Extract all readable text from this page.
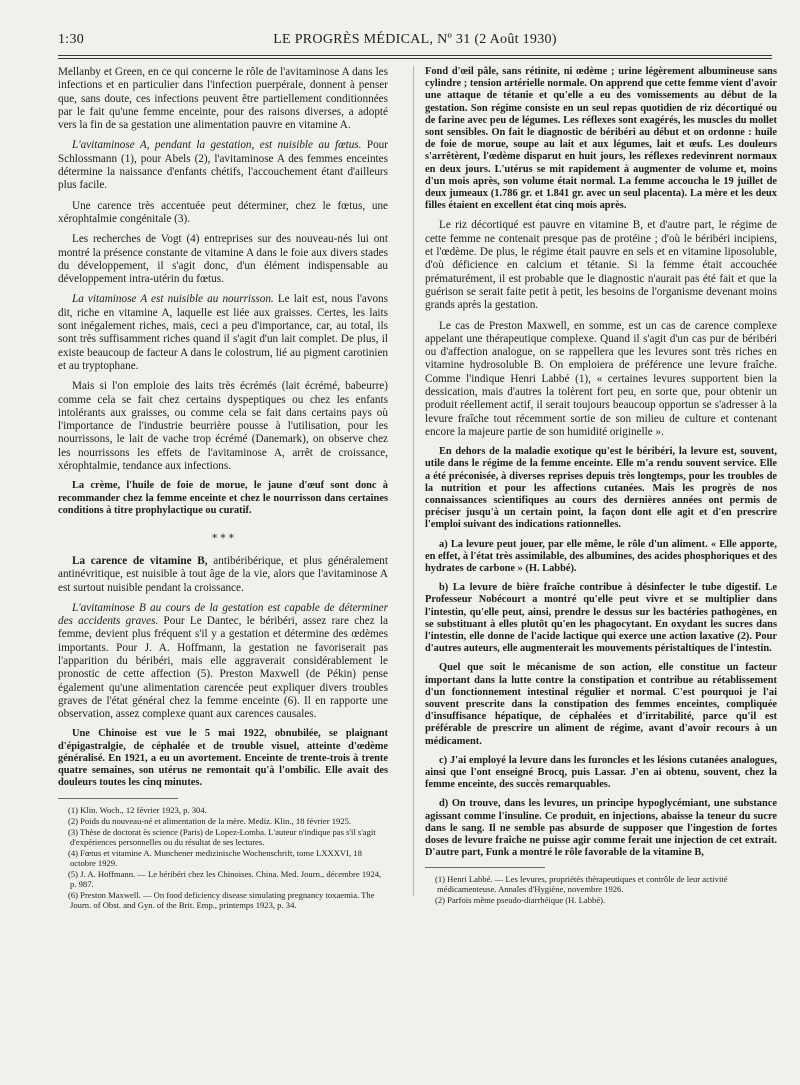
1:30	LE PROGRÈS MÉDICAL, Nº 31 (2 Août 1930)

Mellanby et Green, en ce qui concerne le rôle de l'avitaminose A dans les infections et en particulier dans l'infection puerpérale, donnent à penser que, sans doute, ces infections peuvent être partiellement conditionnées par le fait qu'une femme enceinte, pour des raisons diverses, a adopté vers la fin de sa gestation une alimentation pauvre en vitamine A.

L'avitaminose A, pendant la gestation, est nuisible au fœtus. Pour Schlossmann (1), pour Abels (2), l'avitaminose A des femmes enceintes détermine la naissance d'enfants chétifs, l'accouchement étant d'ailleurs plus facile.

Une carence très accentuée peut déterminer, chez le fœtus, une xérophtalmie congénitale (3).

Les recherches de Vogt (4) entreprises sur des nouveau-nés lui ont montré la présence constante de vitamine A dans le foie aux divers stades du développement, il s'agit donc, d'un élément indispensable au développement intra-utérin du fœtus.

La vitaminose A est nuisible au nourrisson. Le lait est, nous l'avons dit, riche en vitamine A, laquelle est liée aux graisses. Certes, les laits sont inégalement riches, mais, ceci a peu d'importance, car, au total, ils sont très suffisamment riches quand il s'agit d'un lait complet. De plus, il existe beaucoup de facteur A dans le colostrum, lié au pigment carotinien et au tryptophane.

Mais si l'on emploie des laits très écrémés (lait écrémé, babeurre) comme cela se fait chez certains dyspeptiques ou chez les enfants intolérants aux graisses, ou comme cela se fait dans certains pays où l'importance de l'industrie beurrière pousse à l'utilisation, pour les nourrissons, le lait de vache trop écrémé (Danemark), on observe chez les nourrissons les effets de l'avitaminose A, arrêt de croissance, xérophtalmie, tendance aux infections.

La crème, l'huile de foie de morue, le jaune d'œuf sont donc à recommander chez la femme enceinte et chez le nourrisson dans certaines conditions à titre prophylactique ou curatif.

⁎ ⁎ ⁎

La carence de vitamine B, antibéribérique, et plus généralement antinévritique, est nuisible à tout âge de la vie, alors que l'avitaminose A est surtout nuisible pendant la croissance.

L'avitaminose B au cours de la gestation est capable de déterminer des accidents graves. Pour Le Dantec, le béribéri, assez rare chez la femme, devient plus fréquent s'il y a gestation et détermine des œdèmes importants. Pour J. A. Hoffmann, la gestation ne favoriserait pas l'apparition du béribéri, mais elle aggraverait considérablement le pronostic de cette affection (5). Preston Maxwell (de Pékin) pense également qu'une alimentation carencée peut expliquer divers troubles graves de l'état général chez la femme enceinte (6). Il en rapporte une observation, assez complexe quant aux carences causales.

Une Chinoise est vue le 5 mai 1922, obnubilée, se plaignant d'épigastralgie, de céphalée et de trouble visuel, atteinte d'œdème généralisé. En 1921, a eu un avortement. Enceinte de trente-trois à trente quatre semaines, son utérus ne remontait qu'à l'ombilic. Elle avait des douleurs toutes les cinq minutes.

(1) Klin. Woch., 12 février 1923, p. 304.
(2) Poids du nouveau-né et alimentation de la mère. Mediz. Klin., 18 février 1925.
(3) Thèse de doctorat ès science (Paris) de Lopez-Lomba. L'auteur n'indique pas s'il s'agit d'expériences personnelles ou du résultat de ses lectures.
(4) Fœtus et vitamine A. Munchener medizinische Wochenschrift, tome LXXXVI, 18 octobre 1929.
(5) J. A. Hoffmann. — Le béribéri chez les Chinoises. China. Med. Journ., décembre 1924, p. 987.
(6) Preston Maxwell. — On food deficiency disease simulating pregnancy toxaemia. The Journ. of Obst. and Gyn. of the Brit. Emp., printemps 1923, p. 34.

Fond d'œil pâle, sans rétinite, ni œdème ; urine légèrement albumineuse sans cylindre ; tension artérielle normale. On apprend que cette femme vient d'avoir une attaque de tétanie et qu'elle a eu des vomissements au début de la gestation. Son régime consiste en un seul repas quotidien de riz décortiqué ou de farine avec peu de légumes. Les réflexes sont exagérés, les muscles du mollet sont sensibles. On fait le diagnostic de béribéri au début et on ordonne : huile de foie de morue, soupe au lait et aux légumes, lait et œufs. Les douleurs s'arrêtèrent, l'œdème disparut en huit jours, les réflexes redevinrent normaux en deux jours. L'utérus se mit rapidement à augmenter de volume et, moins d'un mois après, son volume était normal. La femme accoucha le 19 juillet de deux jumeaux (1.786 gr. et 1.841 gr. avec un seul placenta). La mère et les deux filles étaient en excellent état cinq mois après.

Le riz décortiqué est pauvre en vitamine B, et d'autre part, le régime de cette femme ne contenait presque pas de protéine ; d'où le béribéri incipiens, et l'œdème. De plus, le régime était pauvre en sels et en vitamine liposoluble, d'où déficience en calcium et tétanie. Si la femme était accouchée prématurément, il est probable que le diagnostic n'aurait pas été fait et que la guérison se serait faite petit à petit, les besoins de l'organisme devenant moins grands après la gestation.

Le cas de Preston Maxwell, en somme, est un cas de carence complexe appelant une thérapeutique complexe. Quand il s'agit d'un cas pur de béribéri ou d'affection analogue, on se rappellera que les levures sont très riches en vitamine hydrosoluble B. On emploiera de préférence une levure fraîche. Comme l'indique Henri Labbé (1), « certaines levures supportent bien la dessication, mais d'autres la tolèrent fort peu, en sorte que, pour obtenir un produit réellement actif, il serait toujours beaucoup opportun se s'adresser à la levure fraîche tout récemment sortie de son milieu de culture et contenant encore la majeure partie de son humidité originelle ».

En dehors de la maladie exotique qu'est le béribéri, la levure est, souvent, utile dans le régime de la femme enceinte. Elle m'a rendu souvent service. Elle a été préconisée, à diverses reprises depuis très longtemps, pour les troubles de la nutrition et pour les affections cutanées. Mais les progrès de nos connaissances scientifiques au cours des dernières années ont permis de préciser jusqu'à un certain point, la façon dont elle agit et d'en prescrire l'emploi suivant des indications rationnelles.

a) La levure peut jouer, par elle même, le rôle d'un aliment. « Elle apporte, en effet, à l'état très assimilable, des albumines, des acides phosphoriques et des hydrates de carbone » (H. Labbé).

b) La levure de bière fraîche contribue à désinfecter le tube digestif. Le Professeur Nobécourt a montré qu'elle peut vivre et se multiplier dans l'intestin, qu'elle peut, ainsi, prendre le dessus sur les bactéries pathogènes, en se substituant à elles plutôt qu'en les phagocytant. En oxydant les sucres dans l'intestin, elle donne de l'acide lactique qui exerce une action laxative (2). Pour d'autres auteurs, elle augmenterait les mouvements péristaltiques de l'intestin.

Quel que soit le mécanisme de son action, elle constitue un facteur important dans la lutte contre la constipation et contribue au rétablissement d'un fonctionnement intestinal régulier et normal. C'est pourquoi je l'ai souvent prescrite dans la constipation des femmes enceintes, compliquée d'insuffisance hépatique, de céphalées et d'irritabilité, parce qu'il est préférable de prescrire un aliment de régime, avant d'avoir recours à un médicament.

c) J'ai employé la levure dans les furoncles et les lésions cutanées analogues, ainsi que l'ont enseigné Brocq, puis Lassar. J'en ai obtenu, souvent, chez la femme enceinte, des succès remarquables.

d) On trouve, dans les levures, un principe hypoglycémiant, une substance agissant comme l'insuline. Ce produit, en injections, abaisse la teneur du sucre dans le sang. Il ne semble pas absurde de supposer que l'ingestion de fortes doses de levure fraîche ne puisse agir comme ferait une injection de cet extrait. D'autre part, Funk a montré le rôle favorable de la vitamine B,

(1) Henri Labbé. — Les levures, propriétés thérapeutiques et contrôle de leur activité médicamenteuse. Annales d'Hygiène, novembre 1926.
(2) Parfois même pseudo-diarrhéique (H. Labbé).
